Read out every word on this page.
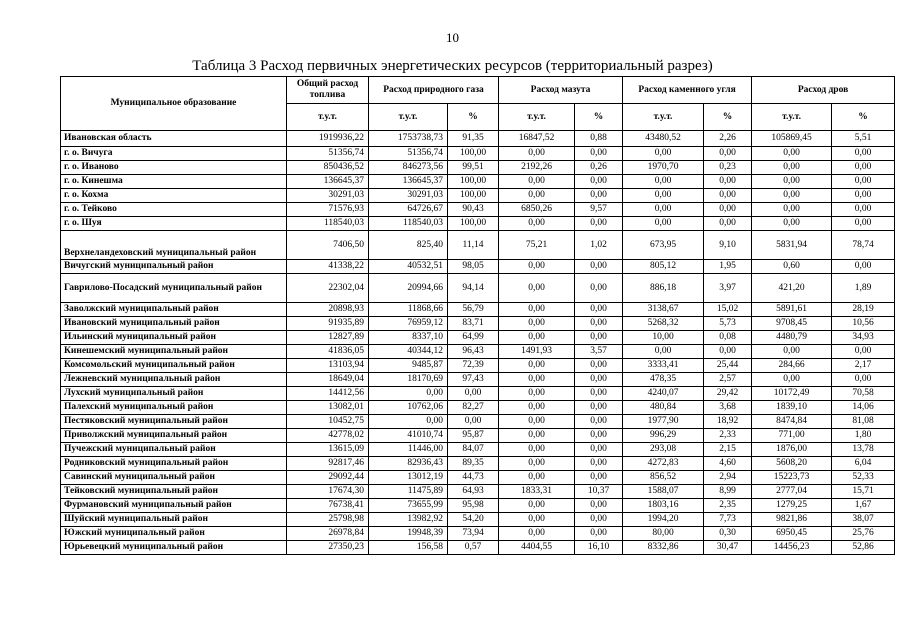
10
Таблица 3 Расход первичных энергетических ресурсов (территориальный разрез)
Муниципальное образование	Общий расход топлива	Расход природного газа		Расход мазута		Расход каменного угля		Расход дров	
	т.у.т.	т.у.т.	%	т.у.т.	%	т.у.т.	%	т.у.т.	%
Ивановская область	1919936,22	1753738,73	91,35	16847,52	0,88	43480,52	2,26	105869,45	5,51
г. о. Вичуга	51356,74	51356,74	100,00	0,00	0,00	0,00	0,00	0,00	0,00
г. о. Иваново	850436,52	846273,56	99,51	2192,26	0,26	1970,70	0,23	0,00	0,00
г. о. Кинешма	136645,37	136645,37	100,00	0,00	0,00	0,00	0,00	0,00	0,00
г. о. Кохма	30291,03	30291,03	100,00	0,00	0,00	0,00	0,00	0,00	0,00
г. о. Тейково	71576,93	64726,67	90,43	6850,26	9,57	0,00	0,00	0,00	0,00
г. о. Шуя	118540,03	118540,03	100,00	0,00	0,00	0,00	0,00	0,00	0,00
Верхнеландеховский муниципальный район	7406,50	825,40	11,14	75,21	1,02	673,95	9,10	5831,94	78,74
Вичугский муниципальный район	41338,22	40532,51	98,05	0,00	0,00	805,12	1,95	0,60	0,00
Гаврилово-Посадский муниципальный район	22302,04	20994,66	94,14	0,00	0,00	886,18	3,97	421,20	1,89
Заволжский муниципальный район	20898,93	11868,66	56,79	0,00	0,00	3138,67	15,02	5891,61	28,19
Ивановский муниципальный район	91935,89	76959,12	83,71	0,00	0,00	5268,32	5,73	9708,45	10,56
Ильинский муниципальный район	12827,89	8337,10	64,99	0,00	0,00	10,00	0,08	4480,79	34,93
Кинешемский муниципальный район	41836,05	40344,12	96,43	1491,93	3,57	0,00	0,00	0,00	0,00
Комсомольский муниципальный район	13103,94	9485,87	72,39	0,00	0,00	3333,41	25,44	284,66	2,17
Лежневский муниципальный район	18649,04	18170,69	97,43	0,00	0,00	478,35	2,57	0,00	0,00
Лухский муниципальный район	14412,56	0,00	0,00	0,00	0,00	4240,07	29,42	10172,49	70,58
Палехский муниципальный район	13082,01	10762,06	82,27	0,00	0,00	480,84	3,68	1839,10	14,06
Пестяковский муниципальный район	10452,75	0,00	0,00	0,00	0,00	1977,90	18,92	8474,84	81,08
Приволжский муниципальный район	42778,02	41010,74	95,87	0,00	0,00	996,29	2,33	771,00	1,80
Пучежский муниципальный район	13615,09	11446,00	84,07	0,00	0,00	293,08	2,15	1876,00	13,78
Родниковский муниципальный район	92817,46	82936,43	89,35	0,00	0,00	4272,83	4,60	5608,20	6,04
Савинский муниципальный район	29092,44	13012,19	44,73	0,00	0,00	856,52	2,94	15223,73	52,33
Тейковский муниципальный район	17674,30	11475,89	64,93	1833,31	10,37	1588,07	8,99	2777,04	15,71
Фурмановский муниципальный район	76738,41	73655,99	95,98	0,00	0,00	1803,16	2,35	1279,25	1,67
Шуйский муниципальный район	25798,98	13982,92	54,20	0,00	0,00	1994,20	7,73	9821,86	38,07
Южский муниципальный район	26978,84	19948,39	73,94	0,00	0,00	80,00	0,30	6950,45	25,76
Юрьевецкий муниципальный район	27350,23	156,58	0,57	4404,55	16,10	8332,86	30,47	14456,23	52,86
